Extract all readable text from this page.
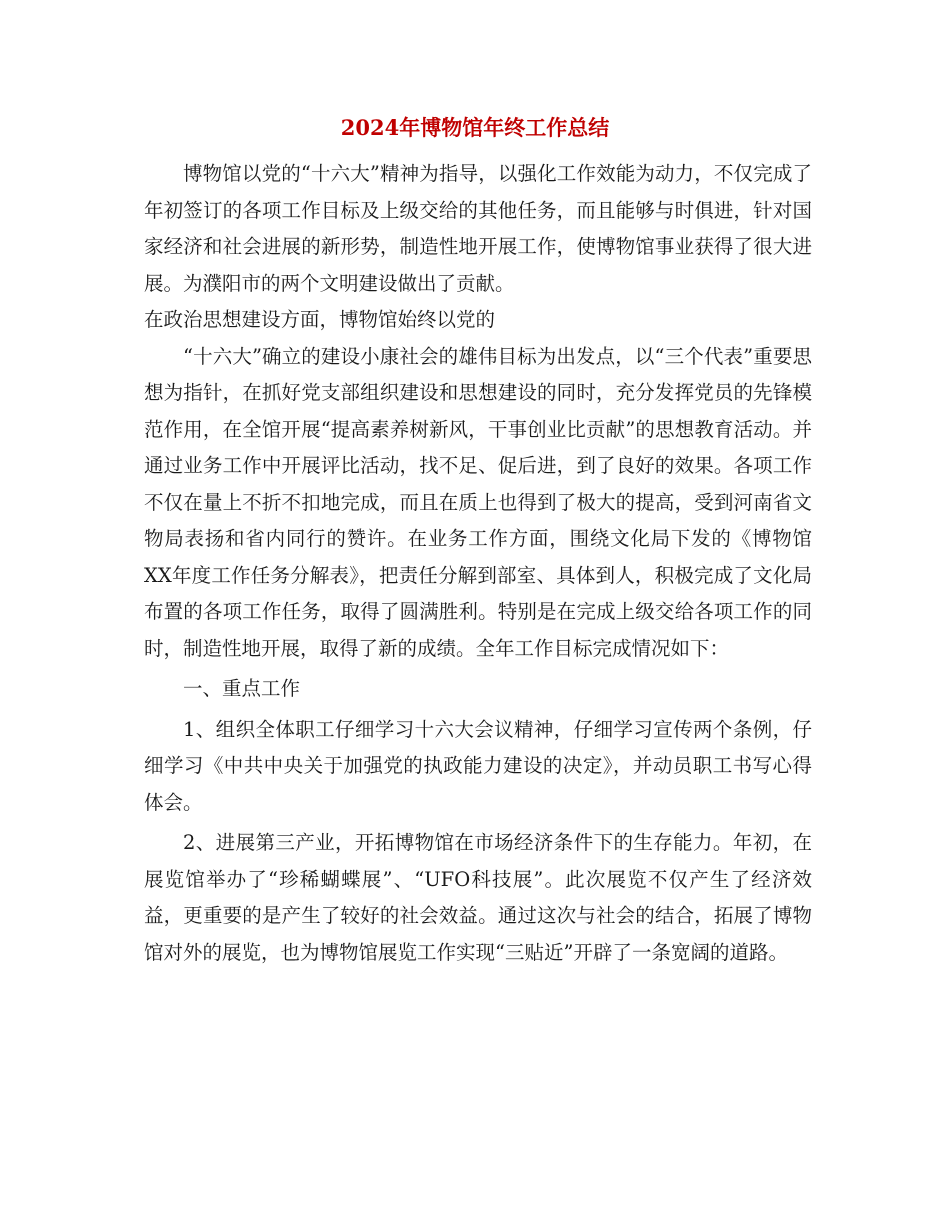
2024年博物馆年终工作总结

博物馆以党的“十六大”精神为指导，以强化工作效能为动力，不仅完成了年初签订的各项工作目标及上级交给的其他任务，而且能够与时俱进，针对国家经济和社会进展的新形势，制造性地开展工作，使博物馆事业获得了很大进展。为濮阳市的两个文明建设做出了贡献。

在政治思想建设方面，博物馆始终以党的

“十六大”确立的建设小康社会的雄伟目标为出发点，以“三个代表”重要思想为指针，在抓好党支部组织建设和思想建设的同时，充分发挥党员的先锋模范作用，在全馆开展“提高素养树新风，干事创业比贡献”的思想教育活动。并通过业务工作中开展评比活动，找不足、促后进，到了良好的效果。各项工作不仅在量上不折不扣地完成，而且在质上也得到了极大的提高，受到河南省文物局表扬和省内同行的赞许。在业务工作方面，围绕文化局下发的《博物馆XX年度工作任务分解表》，把责任分解到部室、具体到人，积极完成了文化局布置的各项工作任务，取得了圆满胜利。特别是在完成上级交给各项工作的同时，制造性地开展，取得了新的成绩。全年工作目标完成情况如下：

一、重点工作

1、组织全体职工仔细学习十六大会议精神，仔细学习宣传两个条例，仔细学习《中共中央关于加强党的执政能力建设的决定》，并动员职工书写心得体会。

2、进展第三产业，开拓博物馆在市场经济条件下的生存能力。年初，在展览馆举办了“珍稀蝴蝶展”、“UFO科技展”。此次展览不仅产生了经济效益，更重要的是产生了较好的社会效益。通过这次与社会的结合，拓展了博物馆对外的展览，也为博物馆展览工作实现“三贴近”开辟了一条宽阔的道路。
